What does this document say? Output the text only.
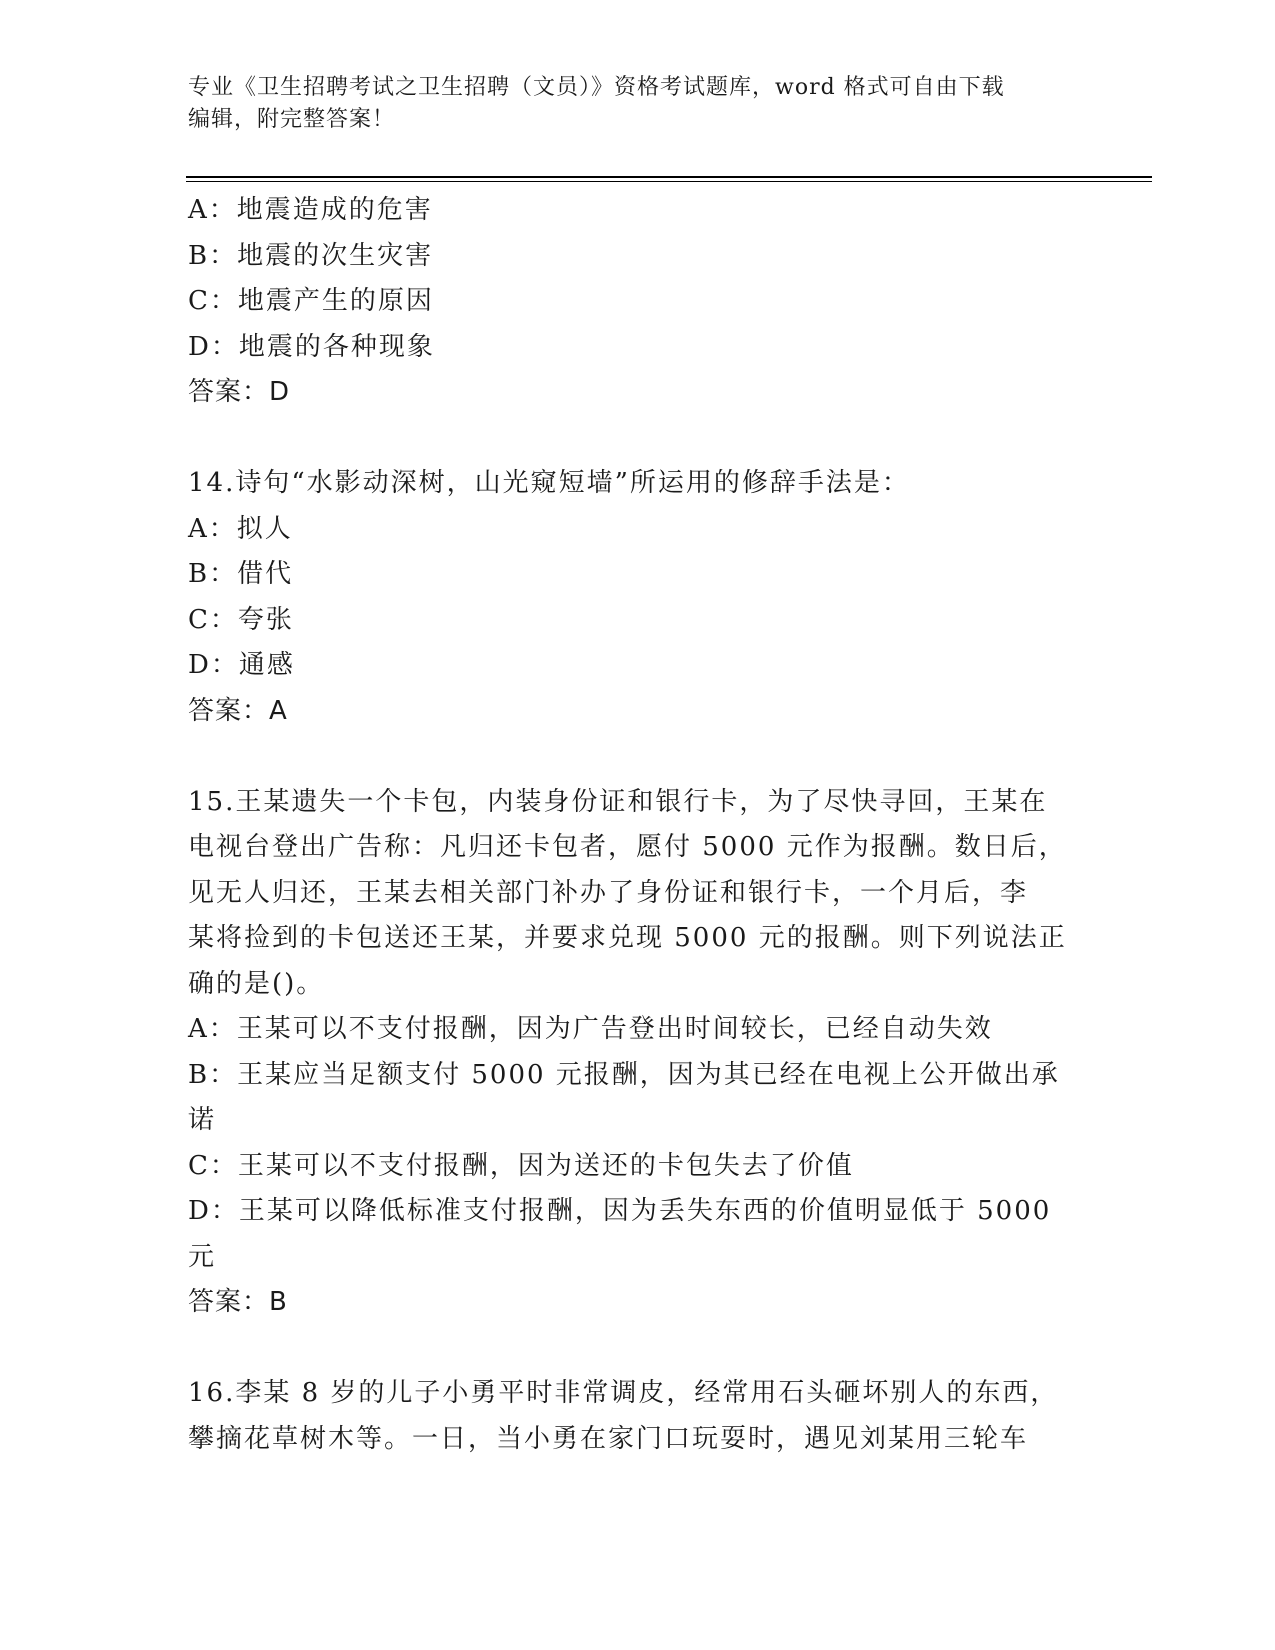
专业《卫生招聘考试之卫生招聘（文员）》资格考试题库，word 格式可自由下载
编辑，附完整答案！
A：地震造成的危害
B：地震的次生灾害
C：地震产生的原因
D：地震的各种现象
答案：D
14.诗句“水影动深树，山光窥短墙”所运用的修辞手法是：
A：拟人
B：借代
C：夸张
D：通感
答案：A
15.王某遗失一个卡包，内装身份证和银行卡，为了尽快寻回，王某在
电视台登出广告称：凡归还卡包者，愿付 5000 元作为报酬。数日后，
见无人归还，王某去相关部门补办了身份证和银行卡，一个月后，李
某将捡到的卡包送还王某，并要求兑现 5000 元的报酬。则下列说法正
确的是()。
A：王某可以不支付报酬，因为广告登出时间较长，已经自动失效
B：王某应当足额支付 5000 元报酬，因为其已经在电视上公开做出承
诺
C：王某可以不支付报酬，因为送还的卡包失去了价值
D：王某可以降低标准支付报酬，因为丢失东西的价值明显低于 5000
元
答案：B
16.李某 8 岁的儿子小勇平时非常调皮，经常用石头砸坏别人的东西，
攀摘花草树木等。一日，当小勇在家门口玩耍时，遇见刘某用三轮车
